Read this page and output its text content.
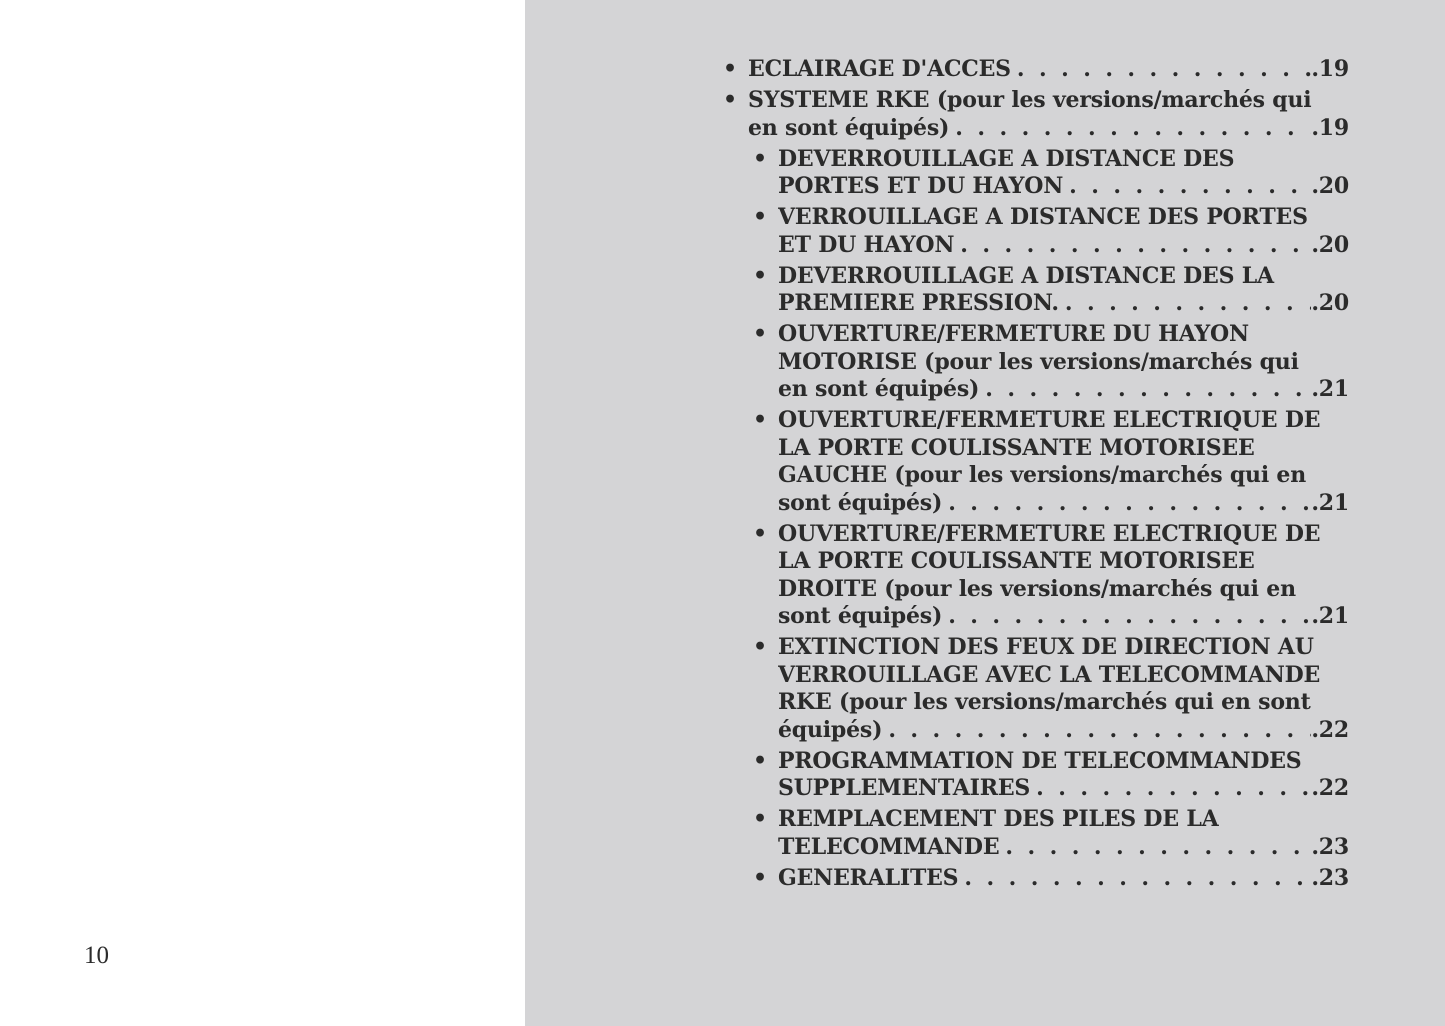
10
• ECLAIRAGE D'ACCES . . .	.19
• SYSTEME RKE (pour les versions/marchés qui
en sont équipés) . . .	.19
• DEVERROUILLAGE A DISTANCE DES
PORTES ET DU HAYON . . .	.20
• VERROUILLAGE A DISTANCE DES PORTES
ET DU HAYON . . .	.20
• DEVERROUILLAGE A DISTANCE DES LA
PREMIERE PRESSION. . . .	.20
• OUVERTURE/FERMETURE DU HAYON
MOTORISE (pour les versions/marchés qui
en sont équipés) . . .	.21
• OUVERTURE/FERMETURE ELECTRIQUE DE
LA PORTE COULISSANTE MOTORISEE
GAUCHE (pour les versions/marchés qui en
sont équipés) . . .	.21
• OUVERTURE/FERMETURE ELECTRIQUE DE
LA PORTE COULISSANTE MOTORISEE
DROITE (pour les versions/marchés qui en
sont équipés) . . .	.21
• EXTINCTION DES FEUX DE DIRECTION AU
VERROUILLAGE AVEC LA TELECOMMANDE
RKE (pour les versions/marchés qui en sont
équipés) . . .	.22
• PROGRAMMATION DE TELECOMMANDES
SUPPLEMENTAIRES . . .	.22
• REMPLACEMENT DES PILES DE LA
TELECOMMANDE . . .	.23
• GENERALITES . . .	.23
